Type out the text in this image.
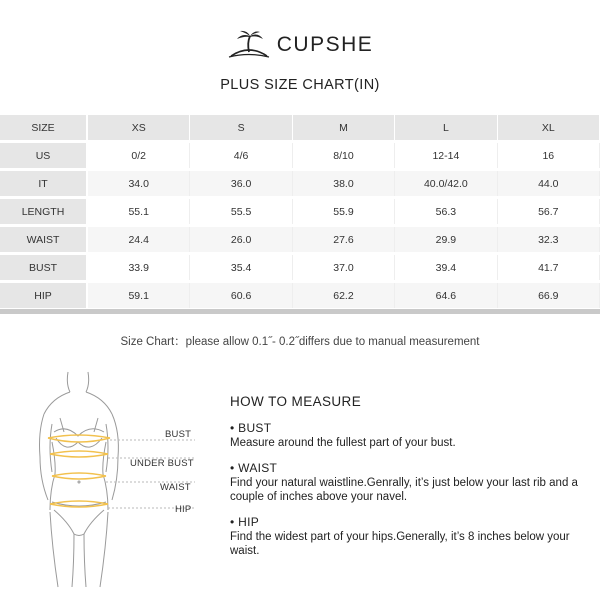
CUPSHE
PLUS SIZE CHART(IN)
SIZE	XS	S	M	L	XL
US	0/2	4/6	8/10	12-14	16
IT	34.0	36.0	38.0	40.0/42.0	44.0
LENGTH	55.1	55.5	55.9	56.3	56.7
WAIST	24.4	26.0	27.6	29.9	32.3
BUST	33.9	35.4	37.0	39.4	41.7
HIP	59.1	60.6	62.2	64.6	66.9
Size Chart：please allow 0.1˝- 0.2˝differs due to manual measurement
BUST
UNDER BUST
WAIST
HIP
HOW TO MEASURE
• BUST
Measure around the fullest part of your bust.
• WAIST
Find your natural waistline.Genrally, it’s just below your last rib and a couple of inches above your navel.
• HIP
Find the widest part of your hips.Generally, it’s 8 inches below your waist.
